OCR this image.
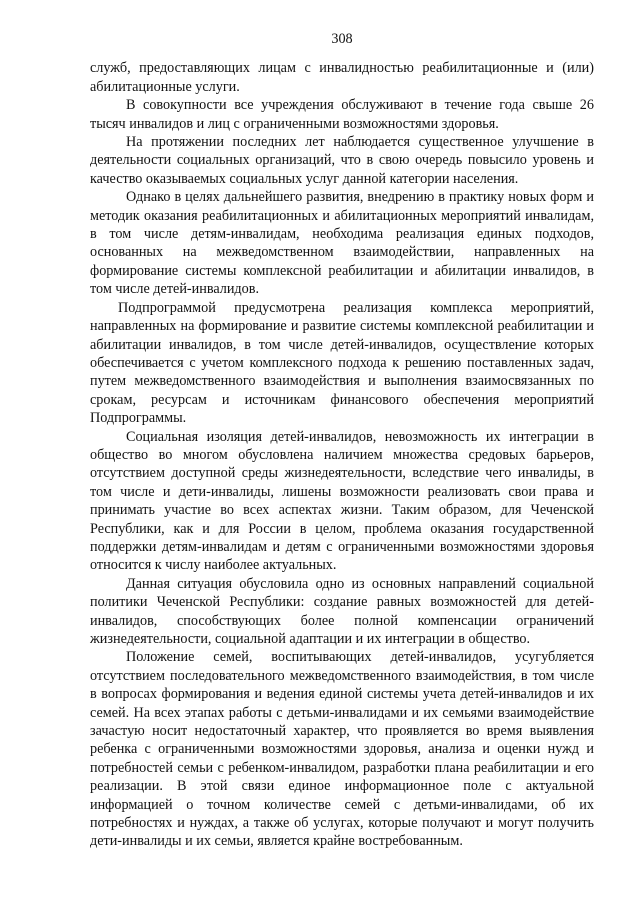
308

служб, предоставляющих лицам с инвалидностью реабилитационные и (или) абилитационные услуги.

В совокупности все учреждения обслуживают в течение года свыше 26 тысяч инвалидов и лиц с ограниченными возможностями здоровья.

На протяжении последних лет наблюдается существенное улучшение в деятельности социальных организаций, что в свою очередь повысило уровень и качество оказываемых социальных услуг данной категории населения.

Однако в целях дальнейшего развития, внедрению в практику новых форм и методик оказания реабилитационных и абилитационных мероприятий инвалидам, в том числе детям-инвалидам, необходима реализация единых подходов, основанных на межведомственном взаимодействии, направленных на формирование системы комплексной реабилитации и абилитации инвалидов, в том числе детей-инвалидов.

Подпрограммой предусмотрена реализация комплекса мероприятий, направленных на формирование и развитие системы комплексной реабилитации и абилитации инвалидов, в том числе детей-инвалидов, осуществление которых обеспечивается с учетом комплексного подхода к решению поставленных задач, путем межведомственного взаимодействия и выполнения взаимосвязанных по срокам, ресурсам и источникам финансового обеспечения мероприятий Подпрограммы.

Социальная изоляция детей-инвалидов, невозможность их интеграции в общество во многом обусловлена наличием множества средовых барьеров, отсутствием доступной среды жизнедеятельности, вследствие чего инвалиды, в том числе и дети-инвалиды, лишены возможности реализовать свои права и принимать участие во всех аспектах жизни. Таким образом, для Чеченской Республики, как и для России в целом, проблема оказания государственной поддержки детям-инвалидам и детям с ограниченными возможностями здоровья относится к числу наиболее актуальных.

Данная ситуация обусловила одно из основных направлений социальной политики Чеченской Республики: создание равных возможностей для детей-инвалидов, способствующих более полной компенсации ограничений жизнедеятельности, социальной адаптации и их интеграции в общество.

Положение семей, воспитывающих детей-инвалидов, усугубляется отсутствием последовательного межведомственного взаимодействия, в том числе в вопросах формирования и ведения единой системы учета детей-инвалидов и их семей. На всех этапах работы с детьми-инвалидами и их семьями взаимодействие зачастую носит недостаточный характер, что проявляется во время выявления ребенка с ограниченными возможностями здоровья, анализа и оценки нужд и потребностей семьи с ребенком-инвалидом, разработки плана реабилитации и его реализации. В этой связи единое информационное поле с актуальной информацией о точном количестве семей с детьми-инвалидами, об их потребностях и нуждах, а также об услугах, которые получают и могут получить дети-инвалиды и их семьи, является крайне востребованным.
